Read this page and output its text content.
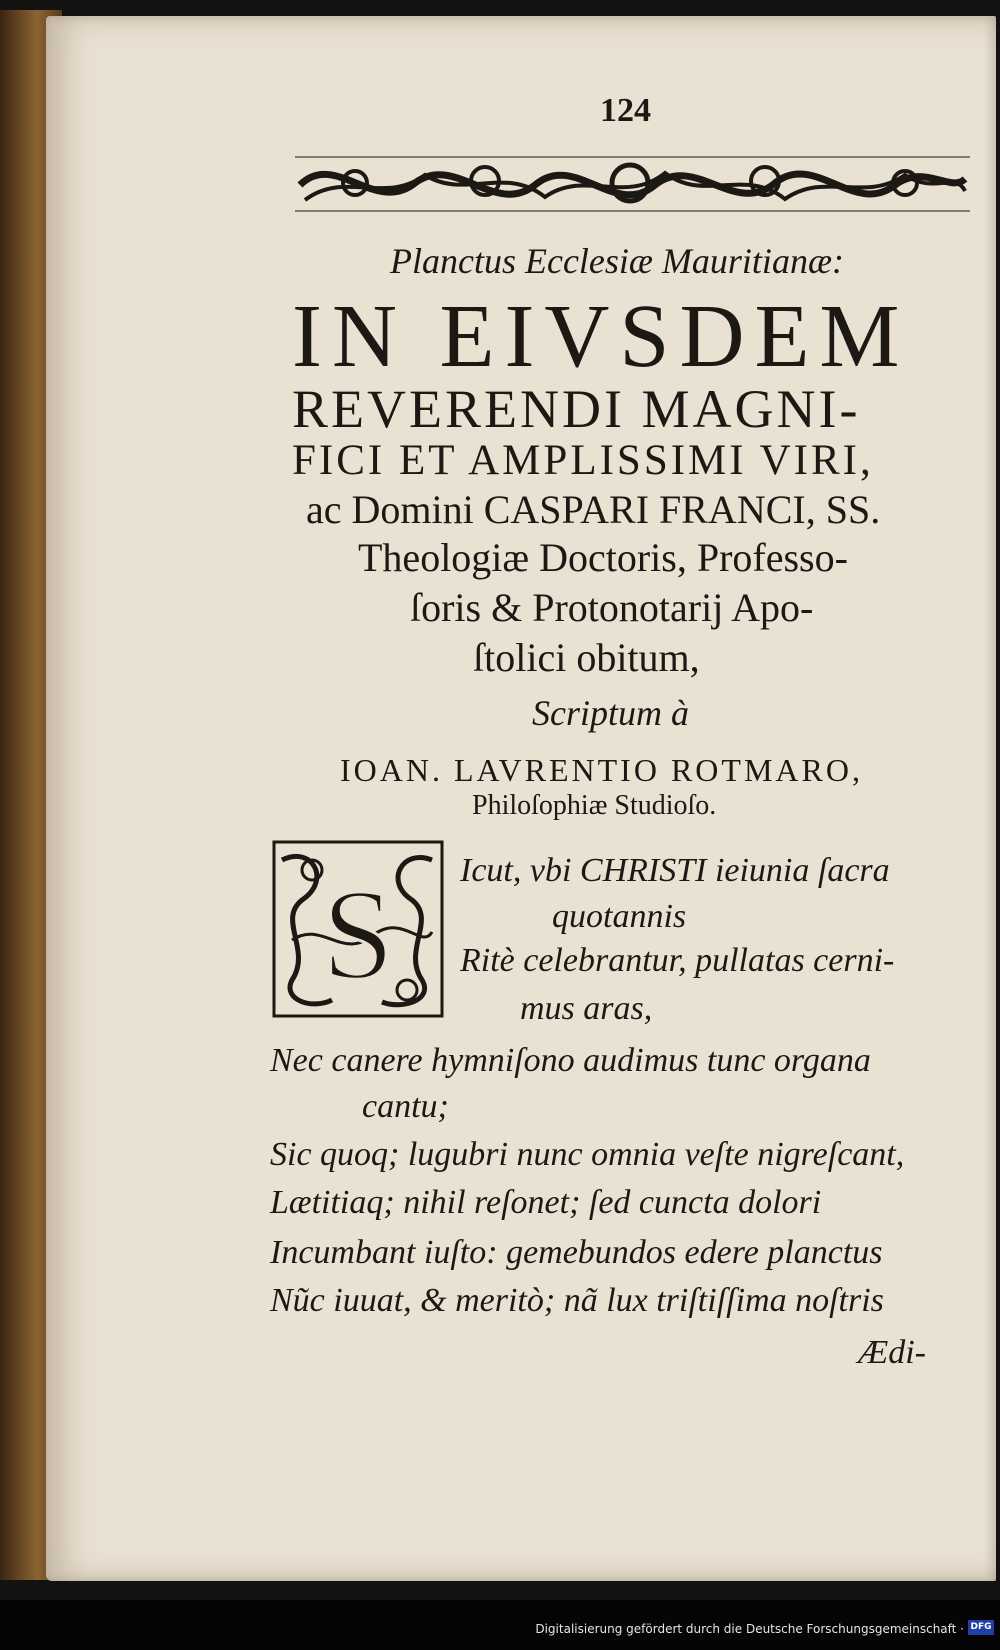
124
Planctus Ecclesiæ Mauritianæ:
IN EIVSDEM
REVERENDI MAGNI-
FICI ET AMPLISSIMI VIRI,
ac Domini CASPARI FRANCI, SS.
Theologiæ Doctoris, Professo-
ſoris & Protonotarij Apo-
ſtolici obitum,
Scriptum à
IOAN. LAVRENTIO ROTMARO,
Philoſophiæ Studioſo.
S Icut, vbi CHRISTI ieiunia ſacra
quotannis
Ritè celebrantur, pullatas cerni-
mus aras,
Nec canere hymniſono audimus tunc organa
cantu;
Sic quoq; lugubri nunc omnia veſte nigreſcant,
Lætitiaq; nihil reſonet; ſed cuncta dolori
Incumbant iuſto: gemebundos edere planctus
Nũc iuuat, & meritò; nã lux triſtiſſima noſtris
Ædi-
Digitalisierung gefördert durch die Deutsche Forschungsgemeinschaft · DFG
